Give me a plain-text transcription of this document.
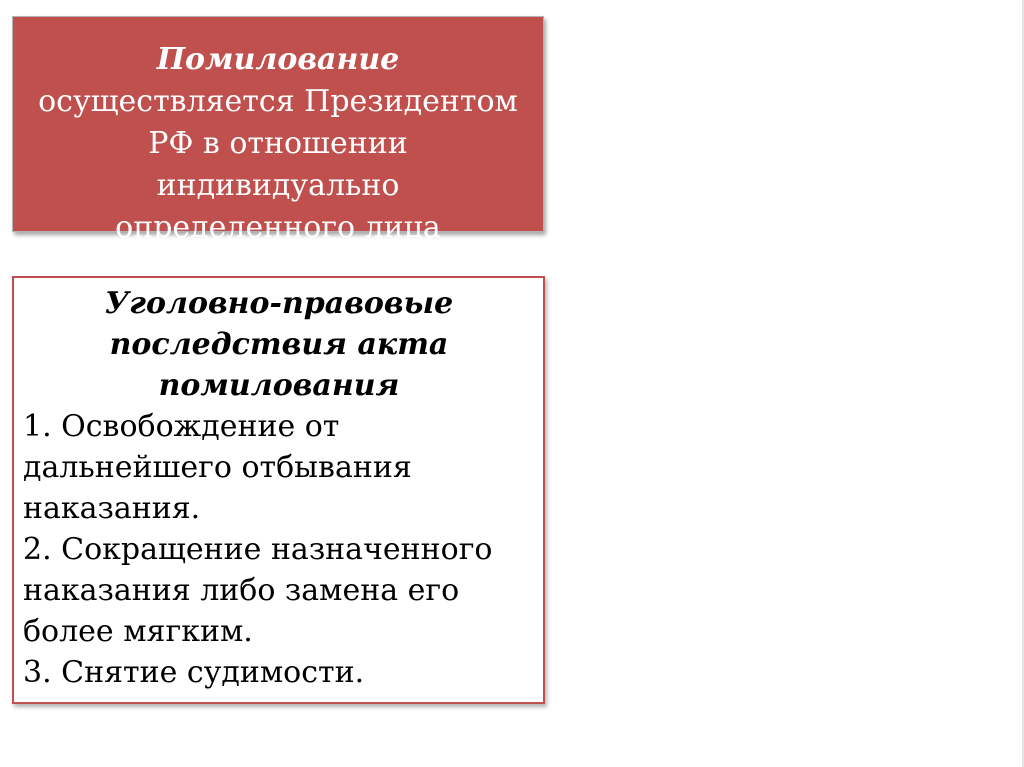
Помилование
осуществляется Президентом
РФ в отношении
индивидуально
определенного лица
Уголовно-правовые
последствия акта
помилования
1. Освобождение от
дальнейшего отбывания
наказания.
2. Сокращение назначенного
наказания либо замена его
более мягким.
3. Снятие судимости.
